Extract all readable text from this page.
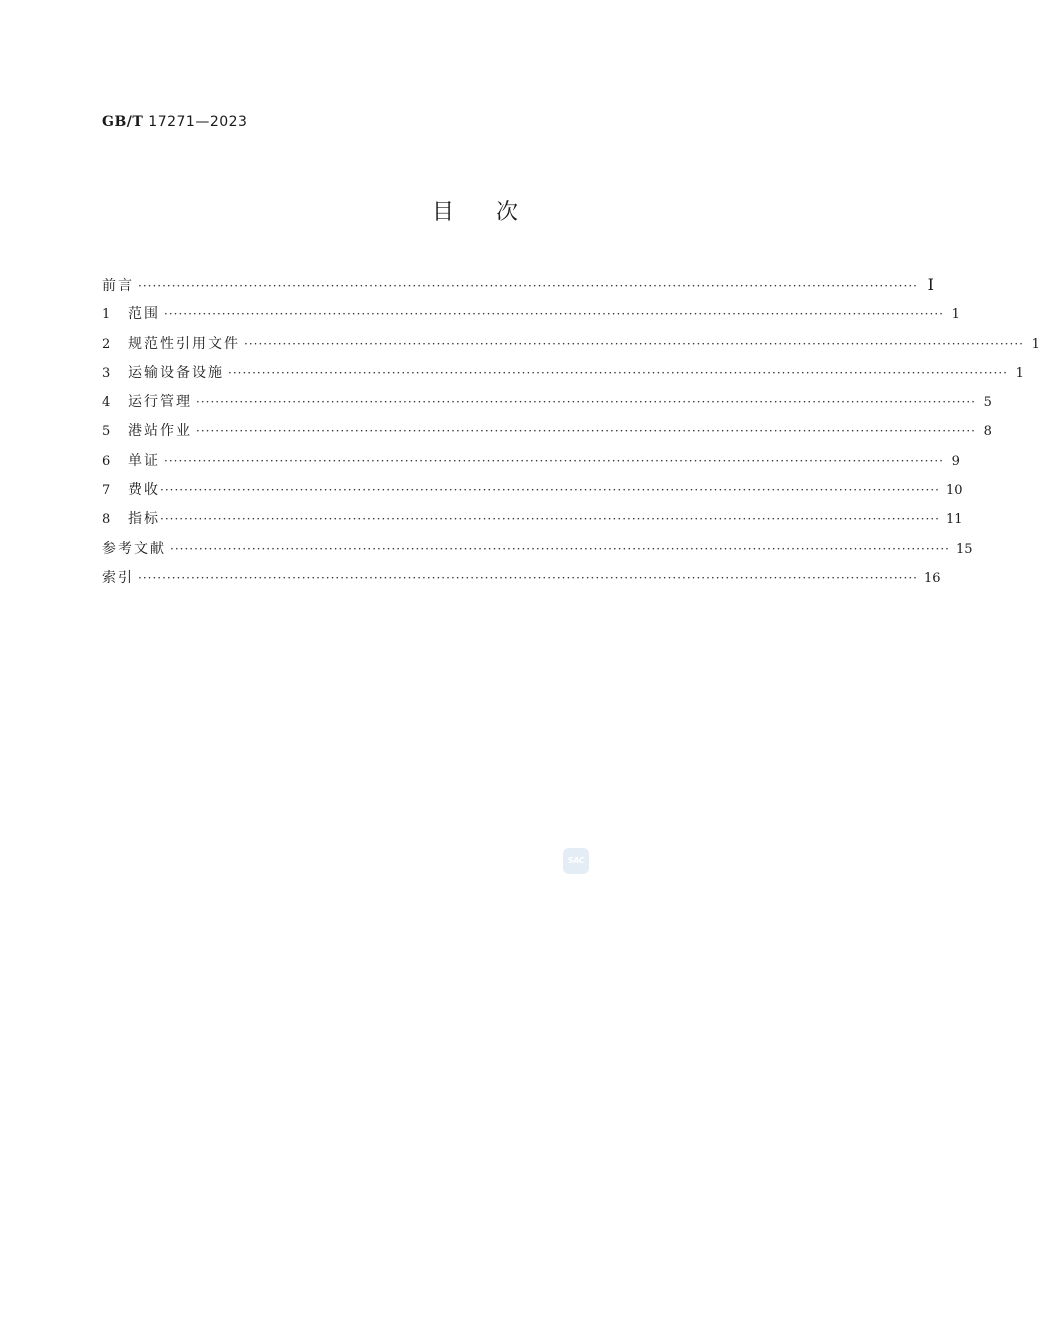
GB/T 17271—2023
目 次
前言 ·································································································································································· Ⅰ
1	范围 ·································································································································································· 1
2	规范性引用文件 ·································································································································································· 1
3	运输设备设施 ·································································································································································· 1
4	运行管理 ·································································································································································· 5
5	港站作业 ·································································································································································· 8
6	单证 ·································································································································································· 9
7	费收 ·································································································································································· 10
8	指标 ·································································································································································· 11
参考文献 ·································································································································································· 15
索引 ·································································································································································· 16
SAC
